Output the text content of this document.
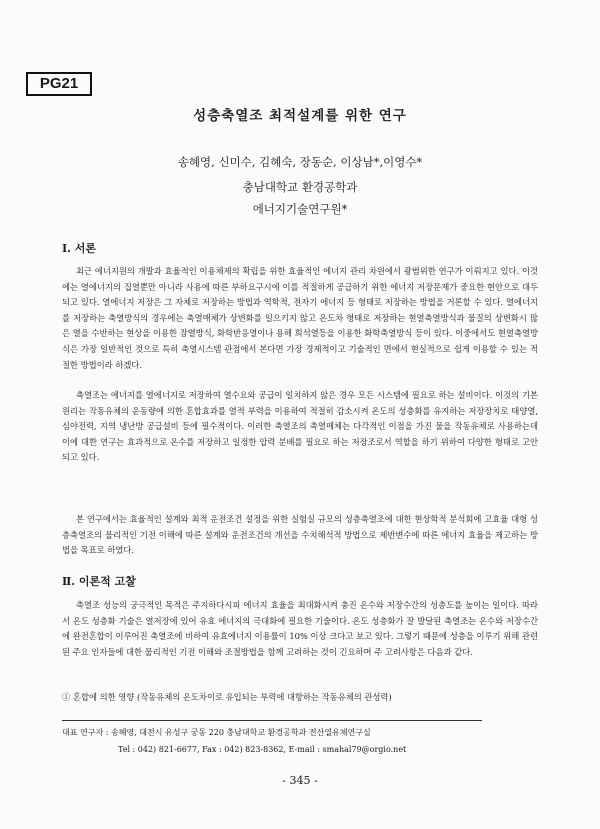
PG21
성층축열조 최적설계를 위한 연구
송혜영, 신미수, 김혜숙, 장동순, 이상남*,이영수*
충남대학교 환경공학과
에너지기술연구원*
Ⅰ. 서론
최근 에너지원의 개발과 효율적인 이용체제의 확립을 위한 효율적인 에너지 관리 차원에서 광범위한 연구가 이뤄지고 있다. 이것에는 열에너지의 집열뿐만 아니라 사용에 따른 부하요구시에 이를 적절하게 공급하기 위한 에너지 저장문제가 중요한 현안으로 대두되고 있다. 열에너지 저장은 그 자체로 저장하는 방법과 역학적, 전자기 에너지 등 형태로 저장하는 방법을 거론할 수 있다. 열에너지를 저장하는 축열방식의 경우에는 축열매체가 상변화를 일으키지 않고 온도차 형태로 저장하는 현열축열방식과 물질의 상변화시 많은 열을 수반하는 현상을 이용한 잠열방식, 화학반응열이나 용해 희석열등을 이용한 화학축열방식 등이 있다. 이중에서도 현열축열방식은 가장 일반적인 것으로 특히 축열시스템 관점에서 본다면 가장 경제적이고 기술적인 면에서 현실적으로 쉽게 이용할 수 있는 적절한 방법이라 하겠다.
축열조는 에너지를 열에너지로 저장하여 열수요와 공급이 일치하지 않은 경우 모든 시스템에 필요로 하는 설비이다. 이것의 기본원리는 작동유체의 운동량에 의한 혼합효과를 열적 부력을 이용하여 적절히 감소시켜 온도의 성층화를 유지하는 저장장치로 태양열, 심야전력, 지역 냉난방 공급설비 등에 필수적이다. 이러한 축열조의 축열매체는 다각적인 이점을 가진 물을 작동유체로 사용하는데 이에 대한 연구는 효과적으로 온수를 저장하고 일정한 압력 분배를 필요로 하는 저장조로서 역할을 하기 위하여 다양한 형태로 고안되고 있다.
본 연구에서는 효율적인 설계와 최적 운전조건 설정을 위한 실험실 규모의 성층축열조에 대한 현상학적 분석회에 고효율 대형 성층축열조의 물리적인 기전 이해에 따른 설계와 운전조건의 개선을 수치해석적 방법으로 제반변수에 따른 에너지 효율을 제고하는 방법을 목표로 하였다.
Ⅱ. 이론적 고찰
축열조 성능의 궁극적인 목적은 주지하다시피 에너지 효율을 최대화시켜 충진 온수와 저장수간의 성층도를 높이는 일이다. 따라서 온도 성층화 기술은 열저장에 있어 유효 에너지의 극대화에 필요한 기술이다. 온도 성층화가 잘 발달된 축열조는 온수와 저장수간에 완전혼합이 이루어진 축열조에 비하여 유효에너지 이용률이 10% 이상 크다고 보고 있다. 그렇기 때문에 성층을 이루기 위해 관련된 주요 인자들에 대한 물리적인 기전 이해와 조절방법을 함께 고려하는 것이 긴요하며 주 고려사항은 다음과 같다.
① 혼합에 의한 영향 (작동유체의 온도차이로 유입되는 부력에 대항하는 작동유체의 관성력)
대표 연구자 : 송혜영, 대전시 유성구 궁동 220 충남대학교 환경공학과 전산열유체연구실
Tel : 042) 821-6677, Fax : 042) 823-8362, E-mail : smahal79@orgio.net
- 345 -
